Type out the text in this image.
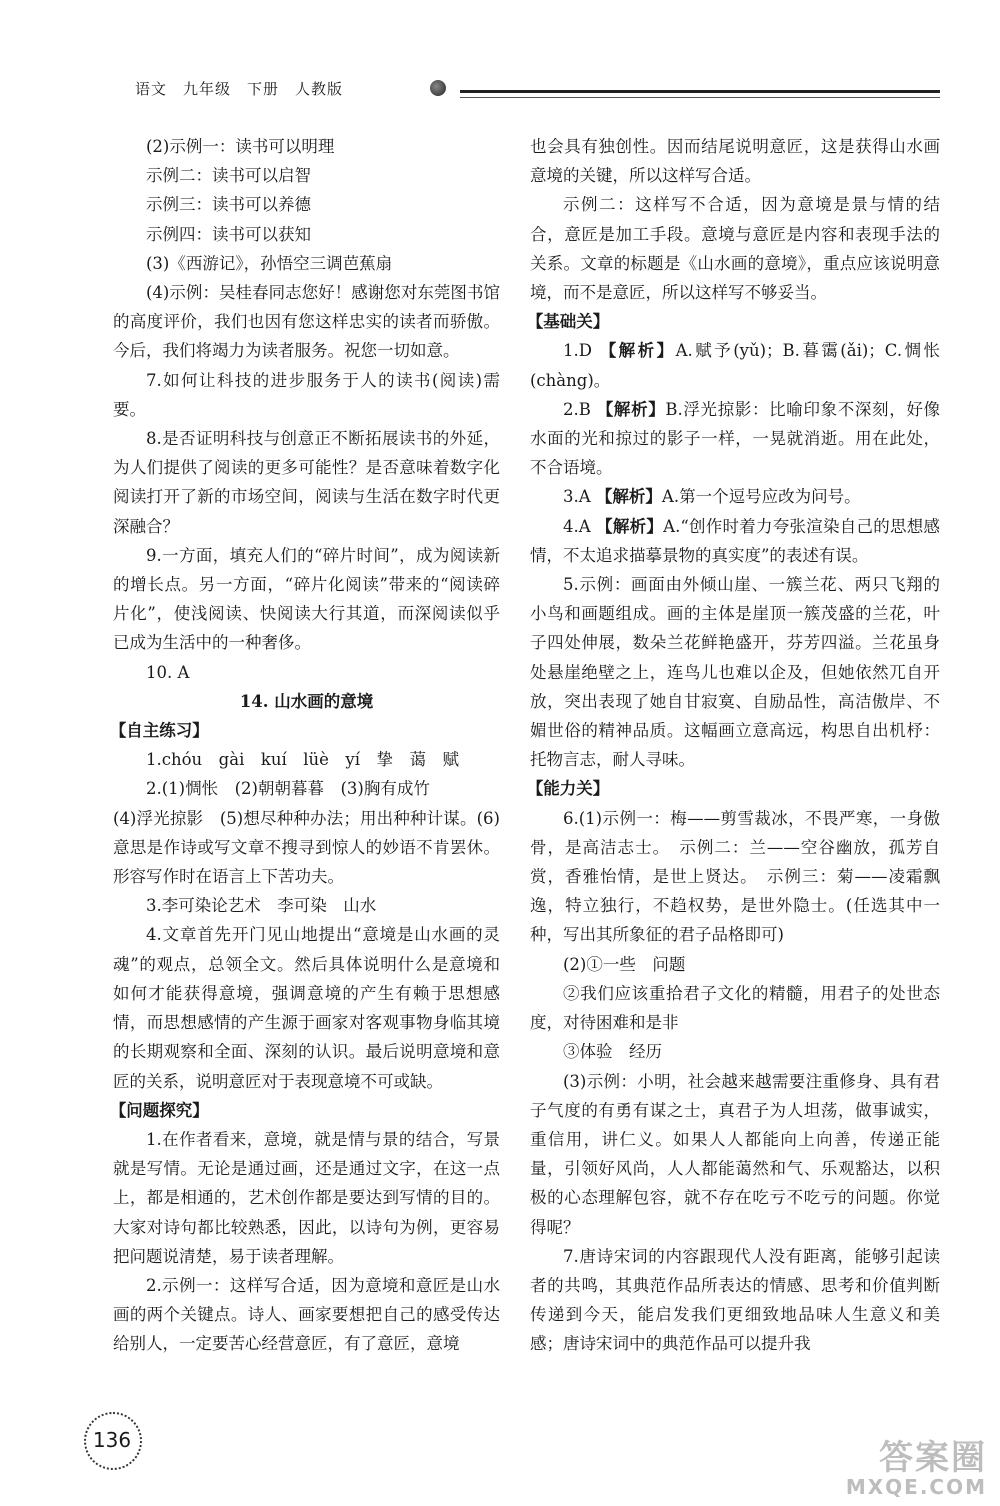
语文　九年级　下册　人教版

(2)示例一：读书可以明理

示例二：读书可以启智

示例三：读书可以养德

示例四：读书可以获知

(3)《西游记》，孙悟空三调芭蕉扇

(4)示例：吴桂春同志您好！感谢您对东莞图书馆的高度评价，我们也因有您这样忠实的读者而骄傲。今后，我们将竭力为读者服务。祝您一切如意。

7.如何让科技的进步服务于人的读书(阅读)需要。

8.是否证明科技与创意正不断拓展读书的外延，为人们提供了阅读的更多可能性？是否意味着数字化阅读打开了新的市场空间，阅读与生活在数字时代更深融合？

9.一方面，填充人们的“碎片时间”，成为阅读新的增长点。另一方面，“碎片化阅读”带来的“阅读碎片化”，使浅阅读、快阅读大行其道，而深阅读似乎已成为生活中的一种奢侈。

10. A

14. 山水画的意境

【自主练习】

1.chóu　gài　kuí　lüè　yí　挚　蔼　赋

2.(1)惆怅　(2)朝朝暮暮　(3)胸有成竹

(4)浮光掠影　(5)想尽种种办法；用出种种计谋。(6)意思是作诗或写文章不搜寻到惊人的妙语不肯罢休。形容写作时在语言上下苦功夫。

3.李可染论艺术　李可染　山水

4.文章首先开门见山地提出“意境是山水画的灵魂”的观点，总领全文。然后具体说明什么是意境和如何才能获得意境，强调意境的产生有赖于思想感情，而思想感情的产生源于画家对客观事物身临其境的长期观察和全面、深刻的认识。最后说明意境和意匠的关系，说明意匠对于表现意境不可或缺。

【问题探究】

1.在作者看来，意境，就是情与景的结合，写景就是写情。无论是通过画，还是通过文字，在这一点上，都是相通的，艺术创作都是要达到写情的目的。大家对诗句都比较熟悉，因此，以诗句为例，更容易把问题说清楚，易于读者理解。

2.示例一：这样写合适，因为意境和意匠是山水画的两个关键点。诗人、画家要想把自己的感受传达给别人，一定要苦心经营意匠，有了意匠，意境

也会具有独创性。因而结尾说明意匠，这是获得山水画意境的关键，所以这样写合适。

示例二：这样写不合适，因为意境是景与情的结合，意匠是加工手段。意境与意匠是内容和表现手法的关系。文章的标题是《山水画的意境》，重点应该说明意境，而不是意匠，所以这样写不够妥当。

【基础关】

1.D 【解析】A.赋予(yǔ)；B.暮霭(ǎi)；C.惆怅(chàng)。

2.B 【解析】B.浮光掠影：比喻印象不深刻，好像水面的光和掠过的影子一样，一晃就消逝。用在此处，不合语境。

3.A 【解析】A.第一个逗号应改为问号。

4.A 【解析】A.“创作时着力夸张渲染自己的思想感情，不太追求描摹景物的真实度”的表述有误。

5.示例：画面由外倾山崖、一簇兰花、两只飞翔的小鸟和画题组成。画的主体是崖顶一簇茂盛的兰花，叶子四处伸展，数朵兰花鲜艳盛开，芬芳四溢。兰花虽身处悬崖绝壁之上，连鸟儿也难以企及，但她依然兀自开放，突出表现了她自甘寂寞、自励品性，高洁傲岸、不媚世俗的精神品质。这幅画立意高远，构思自出机杼：托物言志，耐人寻味。

【能力关】

6.(1)示例一：梅——剪雪裁冰，不畏严寒，一身傲骨，是高洁志士。　示例二：兰——空谷幽放，孤芳自赏，香雅怡情，是世上贤达。　示例三：菊——凌霜飘逸，特立独行，不趋权势，是世外隐士。(任选其中一种，写出其所象征的君子品格即可)

(2)①一些　问题

②我们应该重拾君子文化的精髓，用君子的处世态度，对待困难和是非

③体验　经历

(3)示例：小明，社会越来越需要注重修身、具有君子气度的有勇有谋之士，真君子为人坦荡，做事诚实，重信用，讲仁义。如果人人都能向上向善，传递正能量，引领好风尚，人人都能蔼然和气、乐观豁达，以积极的心态理解包容，就不存在吃亏不吃亏的问题。你觉得呢？

7.唐诗宋词的内容跟现代人没有距离，能够引起读者的共鸣，其典范作品所表达的情感、思考和价值判断传递到今天，能启发我们更细致地品味人生意义和美感；唐诗宋词中的典范作品可以提升我

136	答案圈
MXQE.COM
